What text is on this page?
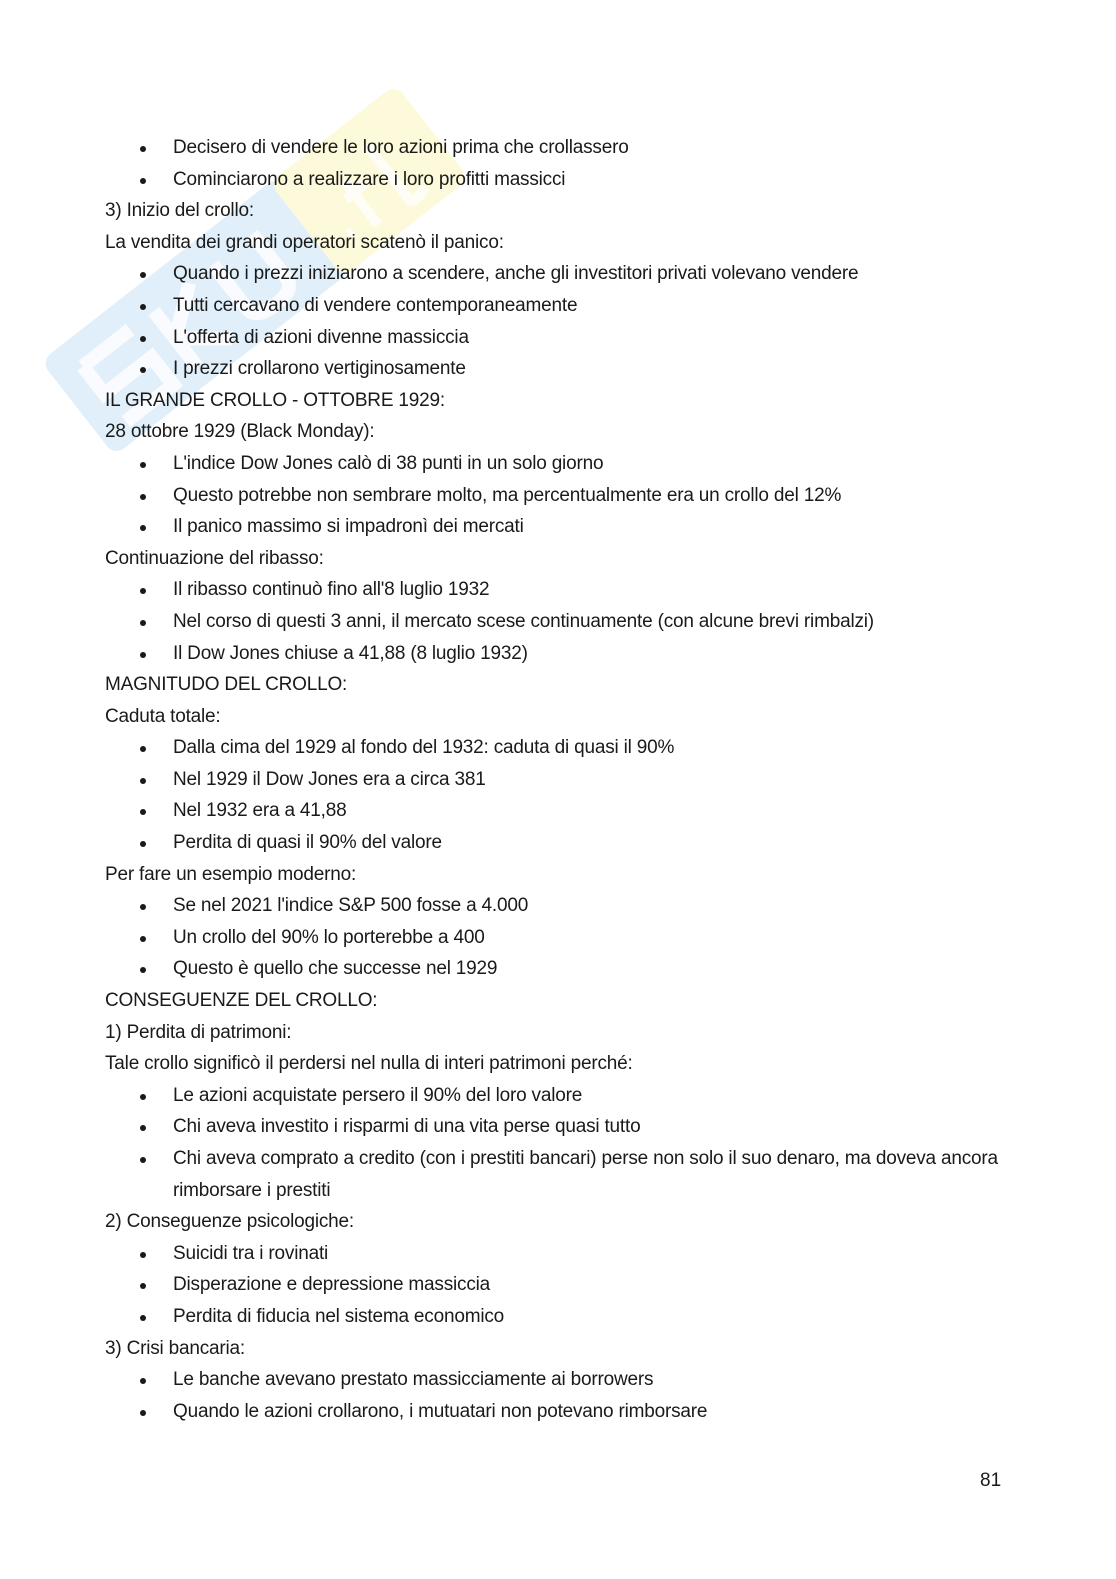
Decisero di vendere le loro azioni prima che crollassero
Cominciarono a realizzare i loro profitti massicci
3) Inizio del crollo:
La vendita dei grandi operatori scatenò il panico:
Quando i prezzi iniziarono a scendere, anche gli investitori privati volevano vendere
Tutti cercavano di vendere contemporaneamente
L'offerta di azioni divenne massiccia
I prezzi crollarono vertiginosamente
IL GRANDE CROLLO - OTTOBRE 1929:
28 ottobre 1929 (Black Monday):
L'indice Dow Jones calò di 38 punti in un solo giorno
Questo potrebbe non sembrare molto, ma percentualmente era un crollo del 12%
Il panico massimo si impadronì dei mercati
Continuazione del ribasso:
Il ribasso continuò fino all'8 luglio 1932
Nel corso di questi 3 anni, il mercato scese continuamente (con alcune brevi rimbalzi)
Il Dow Jones chiuse a 41,88 (8 luglio 1932)
MAGNITUDO DEL CROLLO:
Caduta totale:
Dalla cima del 1929 al fondo del 1932: caduta di quasi il 90%
Nel 1929 il Dow Jones era a circa 381
Nel 1932 era a 41,88
Perdita di quasi il 90% del valore
Per fare un esempio moderno:
Se nel 2021 l'indice S&P 500 fosse a 4.000
Un crollo del 90% lo porterebbe a 400
Questo è quello che successe nel 1929
CONSEGUENZE DEL CROLLO:
1) Perdita di patrimoni:
Tale crollo significò il perdersi nel nulla di interi patrimoni perché:
Le azioni acquistate persero il 90% del loro valore
Chi aveva investito i risparmi di una vita perse quasi tutto
Chi aveva comprato a credito (con i prestiti bancari) perse non solo il suo denaro, ma doveva ancora rimborsare i prestiti
2) Conseguenze psicologiche:
Suicidi tra i rovinati
Disperazione e depressione massiccia
Perdita di fiducia nel sistema economico
3) Crisi bancaria:
Le banche avevano prestato massicciamente ai borrowers
Quando le azioni crollarono, i mutuatari non potevano rimborsare
81
